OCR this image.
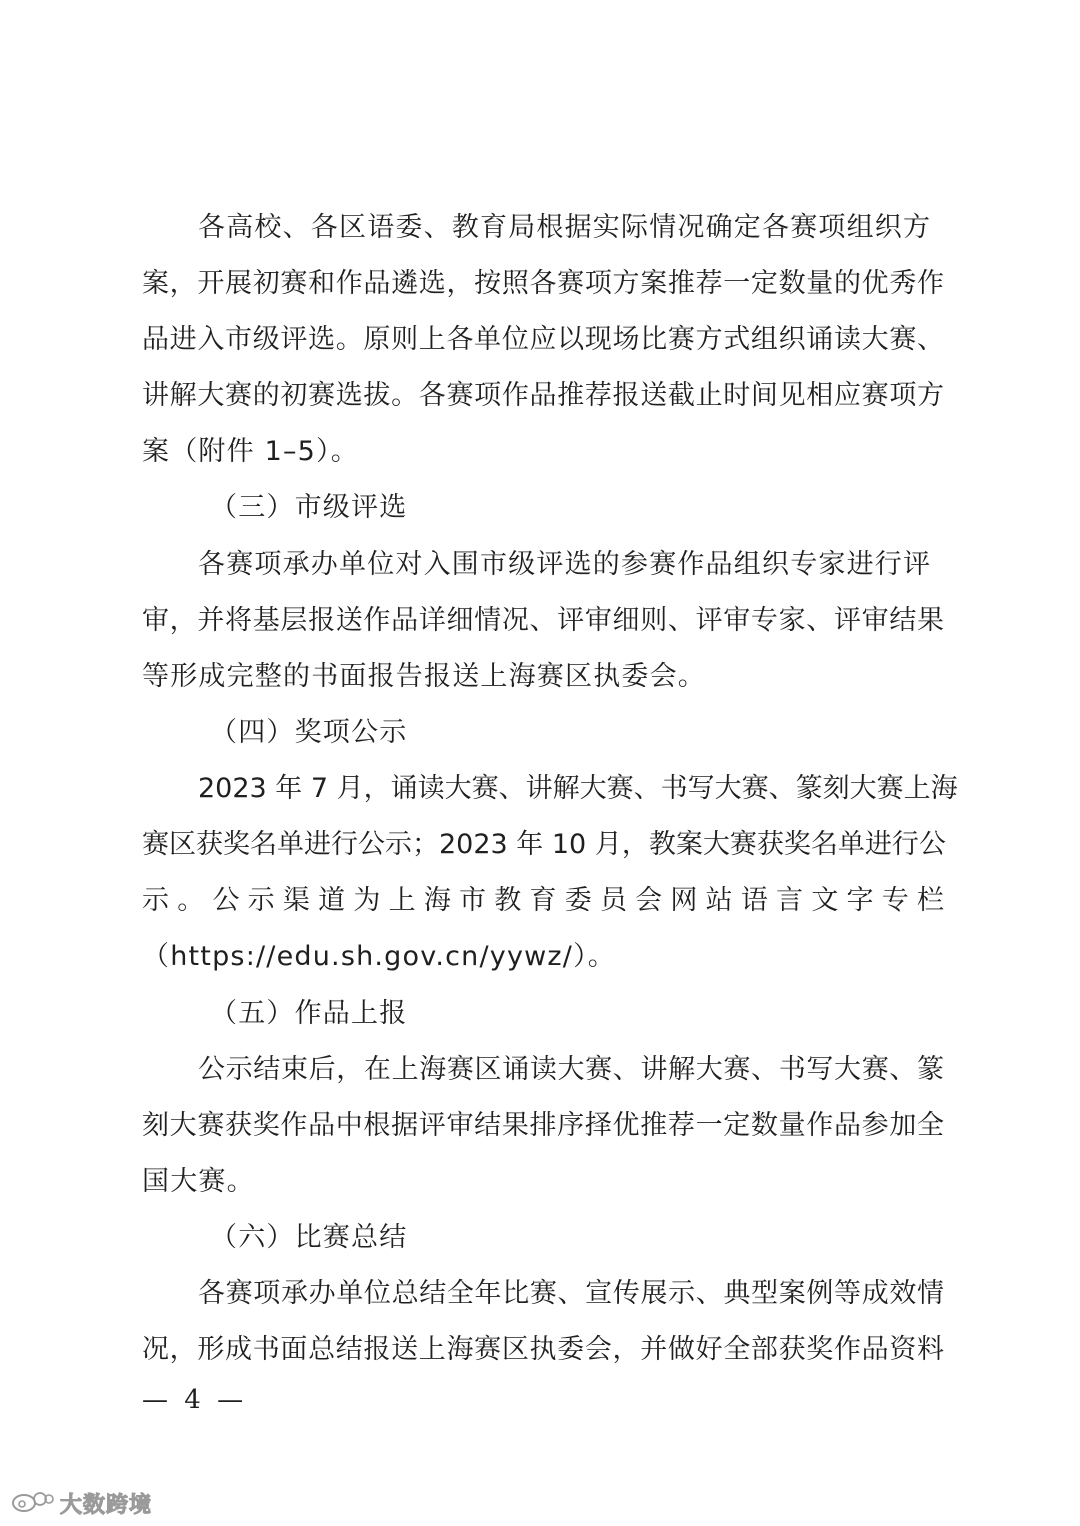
各高校、各区语委、教育局根据实际情况确定各赛项组织方
案，开展初赛和作品遴选，按照各赛项方案推荐一定数量的优秀作
品进入市级评选。原则上各单位应以现场比赛方式组织诵读大赛、
讲解大赛的初赛选拔。各赛项作品推荐报送截止时间见相应赛项方
案（附件 1–5）。
（三）市级评选
各赛项承办单位对入围市级评选的参赛作品组织专家进行评
审，并将基层报送作品详细情况、评审细则、评审专家、评审结果
等形成完整的书面报告报送上海赛区执委会。
（四）奖项公示
2023 年 7 月，诵读大赛、讲解大赛、书写大赛、篆刻大赛上海
赛区获奖名单进行公示；2023 年 10 月，教案大赛获奖名单进行公
示。公示渠道为上海市教育委员会网站语言文字专栏
（https://edu.sh.gov.cn/yywz/）。
（五）作品上报
公示结束后，在上海赛区诵读大赛、讲解大赛、书写大赛、篆
刻大赛获奖作品中根据评审结果排序择优推荐一定数量作品参加全
国大赛。
（六）比赛总结
各赛项承办单位总结全年比赛、宣传展示、典型案例等成效情
况，形成书面总结报送上海赛区执委会，并做好全部获奖作品资料
— 4 —
大数跨境
